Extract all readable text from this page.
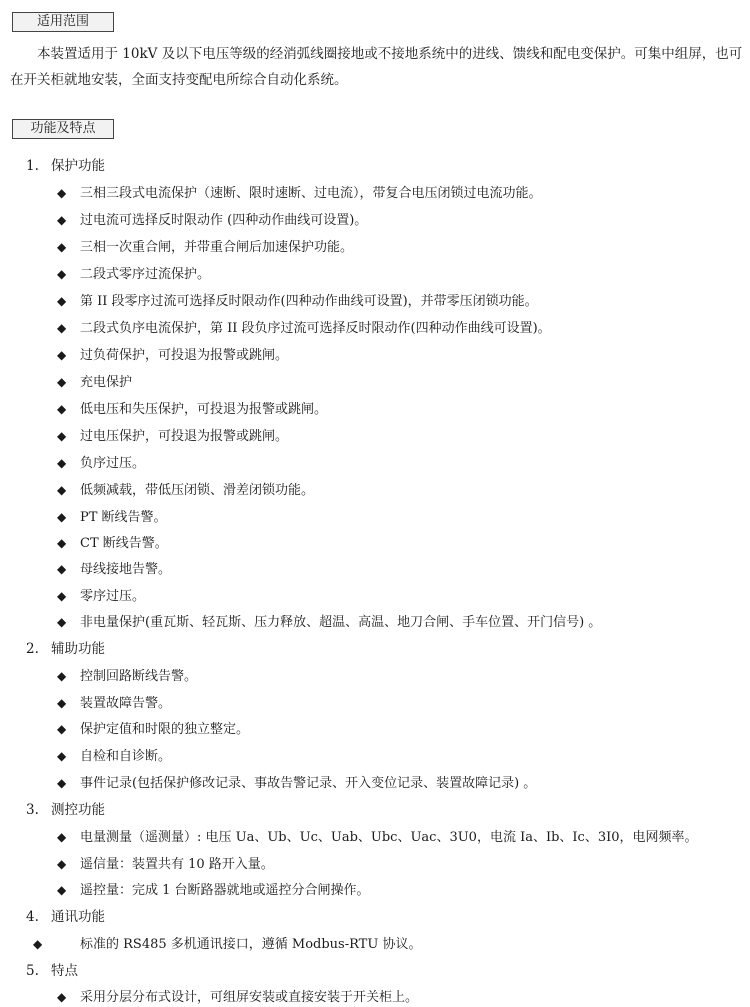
适用范围
本装置适用于 10kV 及以下电压等级的经消弧线圈接地或不接地系统中的进线、馈线和配电变保护。可集中组屏，也可在开关柜就地安装，全面支持变配电所综合自动化系统。
功能及特点
1. 保护功能
◆ 三相三段式电流保护（速断、限时速断、过电流），带复合电压闭锁过电流功能。
◆ 过电流可选择反时限动作 (四种动作曲线可设置)。
◆ 三相一次重合闸，并带重合闸后加速保护功能。
◆ 二段式零序过流保护。
◆ 第 II 段零序过流可选择反时限动作(四种动作曲线可设置)，并带零压闭锁功能。
◆ 二段式负序电流保护，第 II 段负序过流可选择反时限动作(四种动作曲线可设置)。
◆ 过负荷保护，可投退为报警或跳闸。
◆ 充电保护
◆ 低电压和失压保护，可投退为报警或跳闸。
◆ 过电压保护，可投退为报警或跳闸。
◆ 负序过压。
◆ 低频减载，带低压闭锁、滑差闭锁功能。
◆ PT 断线告警。
◆ CT 断线告警。
◆ 母线接地告警。
◆ 零序过压。
◆ 非电量保护(重瓦斯、轻瓦斯、压力释放、超温、高温、地刀合闸、手车位置、开门信号) 。
2. 辅助功能
◆ 控制回路断线告警。
◆ 装置故障告警。
◆ 保护定值和时限的独立整定。
◆ 自检和自诊断。
◆ 事件记录(包括保护修改记录、事故告警记录、开入变位记录、装置故障记录) 。
3. 测控功能
◆ 电量测量（遥测量）: 电压 Ua、Ub、Uc、Uab、Ubc、Uac、3U0，电流 Ia、Ib、Ic、3I0，电网频率。
◆ 遥信量：装置共有 10 路开入量。
◆ 遥控量：完成 1 台断路器就地或遥控分合闸操作。
4. 通讯功能
◆	标准的 RS485 多机通讯接口，遵循 Modbus-RTU 协议。
5. 特点
◆ 采用分层分布式设计，可组屏安装或直接安装于开关柜上。
